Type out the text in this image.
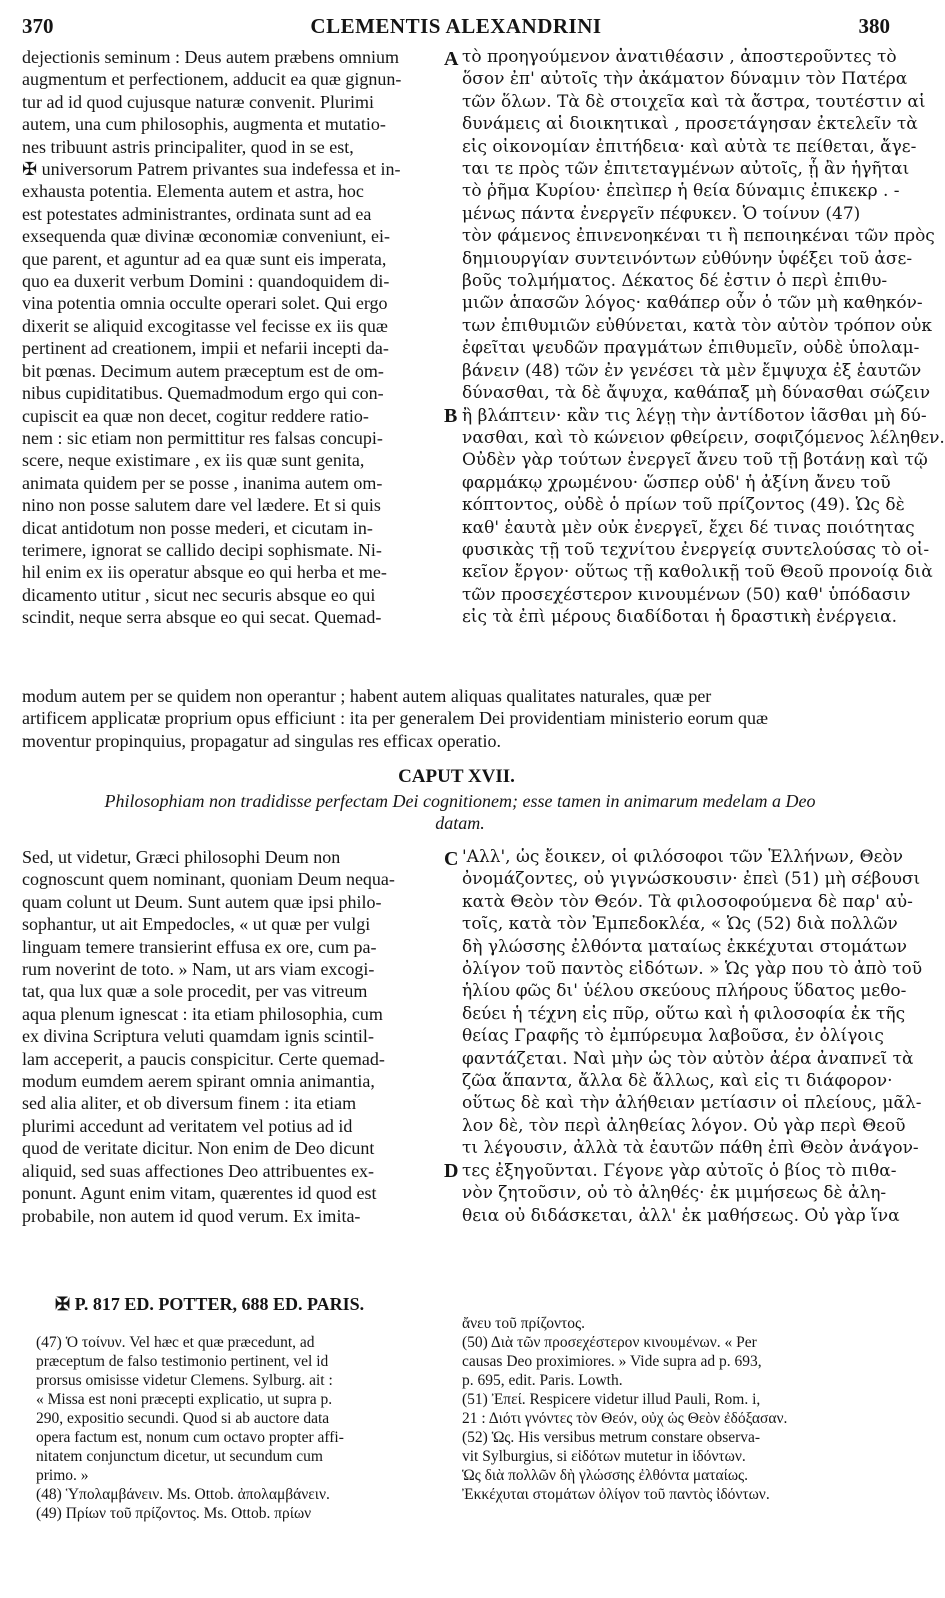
370	CLEMENTIS ALEXANDRINI	380
A
B
C
D
dejectionis seminum : Deus autem præbens omnium
augmentum et perfectionem, adducit ea quæ gignun-
tur ad id quod cujusque naturæ convenit. Plurimi
autem, una cum philosophis, augmenta et mutatio-
nes tribuunt astris principaliter, quod in se est,
✠ universorum Patrem privantes sua indefessa et in-
exhausta potentia. Elementa autem et astra, hoc
est potestates administrantes, ordinata sunt ad ea
exsequenda quæ divinæ œconomiæ conveniunt, ei-
que parent, et aguntur ad ea quæ sunt eis imperata,
quo ea duxerit verbum Domini : quandoquidem di-
vina potentia omnia occulte operari solet. Qui ergo
dixerit se aliquid excogitasse vel fecisse ex iis quæ
pertinent ad creationem, impii et nefarii incepti da-
bit pœnas. Decimum autem præceptum est de om-
nibus cupiditatibus. Quemadmodum ergo qui con-
cupiscit ea quæ non decet, cogitur reddere ratio-
nem : sic etiam non permittitur res falsas concupi-
scere, neque existimare , ex iis quæ sunt genita,
animata quidem per se posse , inanima autem om-
nino non posse salutem dare vel lædere. Et si quis
dicat antidotum non posse mederi, et cicutam in-
terimere, ignorat se callido decipi sophismate. Ni-
hil enim ex iis operatur absque eo qui herba et me-
dicamento utitur , sicut nec securis absque eo qui
scindit, neque serra absque eo qui secat. Quemad-
τὸ προηγούμενον ἀνατιθέασιν , ἀποστεροῦντες τὸ
ὅσον ἐπ' αὐτοῖς τὴν ἀκάματον δύναμιν τὸν Πατέρα
τῶν ὅλων. Τὰ δὲ στοιχεῖα καὶ τὰ ἄστρα, τουτέστιν αἱ
δυνάμεις αἱ διοικητικαὶ , προσετάγησαν ἐκτελεῖν τὰ
εἰς οἰκονομίαν ἐπιτήδεια· καὶ αὐτὰ τε πείθεται, ἄγε-
ται τε πρὸς τῶν ἐπιτεταγμένων αὐτοῖς, ᾗ ἂν ἡγῆται
τὸ ῥῆμα Κυρίου· ἐπεὶπερ ἡ θεία δύναμις ἐπικεκρ . -
μένως πάντα ἐνεργεῖν πέφυκεν. Ὁ τοίνυν (47)
τὸν φάμενος ἐπινενοηκέναι τι ἢ πεποιηκέναι τῶν πρὸς
δημιουργίαν συντεινόντων εὐθύνην ὑφέξει τοῦ ἀσε-
βοῦς τολμήματος. Δέκατος δέ ἐστιν ὁ περὶ ἐπιθυ-
μιῶν ἁπασῶν λόγος· καθάπερ οὖν ὁ τῶν μὴ καθηκόν-
των ἐπιθυμιῶν εὐθύνεται, κατὰ τὸν αὐτὸν τρόπον οὐκ
ἐφεῖται ψευδῶν πραγμάτων ἐπιθυμεῖν, οὐδὲ ὑπολαμ-
βάνειν (48) τῶν ἐν γενέσει τὰ μὲν ἔμψυχα ἐξ ἑαυτῶν
δύνασθαι, τὰ δὲ ἄψυχα, καθάπαξ μὴ δύνασθαι σώζειν
ἢ βλάπτειν· κἂν τις λέγῃ τὴν ἀντίδοτον ἰᾶσθαι μὴ δύ-
νασθαι, καὶ τὸ κώνειον φθείρειν, σοφιζόμενος λέληθεν.
Οὐδὲν γὰρ τούτων ἐνεργεῖ ἄνευ τοῦ τῇ βοτάνῃ καὶ τῷ
φαρμάκῳ χρωμένου· ὥσπερ οὐδ' ἡ ἀξίνη ἄνευ τοῦ
κόπτοντος, οὐδὲ ὁ πρίων τοῦ πρίζοντος (49). Ὡς δὲ
καθ' ἑαυτὰ μὲν οὐκ ἐνεργεῖ, ἔχει δέ τινας ποιότητας
φυσικὰς τῇ τοῦ τεχνίτου ἐνεργείᾳ συντελούσας τὸ οἰ-
κεῖον ἔργον· οὕτως τῇ καθολικῇ τοῦ Θεοῦ προνοίᾳ διὰ
τῶν προσεχέστερον κινουμένων (50) καθ' ὑπόδασιν
εἰς τὰ ἐπὶ μέρους διαδίδοται ἡ δραστικὴ ἐνέργεια.
modum autem per se quidem non operantur ; habent autem aliquas qualitates naturales, quæ per
artificem applicatæ proprium opus efficiunt : ita per generalem Dei providentiam ministerio eorum quæ
moventur propinquius, propagatur ad singulas res efficax operatio.
CAPUT XVII.
Philosophiam non tradidisse perfectam Dei cognitionem; esse tamen in animarum medelam a Deo
datam.
Sed, ut videtur, Græci philosophi Deum non
cognoscunt quem nominant, quoniam Deum nequa-
quam colunt ut Deum. Sunt autem quæ ipsi philo-
sophantur, ut ait Empedocles, « ut quæ per vulgi
linguam temere transierint effusa ex ore, cum pa-
rum noverint de toto. » Nam, ut ars viam excogi-
tat, qua lux quæ a sole procedit, per vas vitreum
aqua plenum ignescat : ita etiam philosophia, cum
ex divina Scriptura veluti quamdam ignis scintil-
lam acceperit, a paucis conspicitur. Certe quemad-
modum eumdem aerem spirant omnia animantia,
sed alia aliter, et ob diversum finem : ita etiam
plurimi accedunt ad veritatem vel potius ad id
quod de veritate dicitur. Non enim de Deo dicunt
aliquid, sed suas affectiones Deo attribuentes ex-
ponunt. Agunt enim vitam, quærentes id quod est
probabile, non autem id quod verum. Ex imita-
'Αλλ', ὡς ἔοικεν, οἱ φιλόσοφοι τῶν Ἑλλήνων, Θεὸν
ὀνομάζοντες, οὐ γιγνώσκουσιν· ἐπεὶ (51) μὴ σέβουσι
κατὰ Θεὸν τὸν Θεόν. Τὰ φιλοσοφούμενα δὲ παρ' αὐ-
τοῖς, κατὰ τὸν Ἐμπεδοκλέα, « Ὡς (52) διὰ πολλῶν
δὴ γλώσσης ἐλθόντα ματαίως ἐκκέχυται στομάτων
ὀλίγον τοῦ παντὸς εἰδότων. » Ὡς γὰρ που τὸ ἀπὸ τοῦ
ἡλίου φῶς δι' ὑέλου σκεύους πλήρους ὕδατος μεθο-
δεύει ἡ τέχνη εἰς πῦρ, οὕτω καὶ ἡ φιλοσοφία ἐκ τῆς
θείας Γραφῆς τὸ ἐμπύρευμα λαβοῦσα, ἐν ὀλίγοις
φαντάζεται. Ναὶ μὴν ὡς τὸν αὐτὸν ἀέρα ἀναπνεῖ τὰ
ζῶα ἅπαντα, ἄλλα δὲ ἄλλως, καὶ εἰς τι διάφορον·
οὕτως δὲ καὶ τὴν ἀλήθειαν μετίασιν οἱ πλείους, μᾶλ-
λον δὲ, τὸν περὶ ἀληθείας λόγον. Οὐ γὰρ περὶ Θεοῦ
τι λέγουσιν, ἀλλὰ τὰ ἑαυτῶν πάθη ἐπὶ Θεὸν ἀνάγον-
τες ἐξηγοῦνται. Γέγονε γὰρ αὐτοῖς ὁ βίος τὸ πιθα-
νὸν ζητοῦσιν, οὐ τὸ ἀληθές· ἐκ μιμήσεως δὲ ἀλη-
θεια οὐ διδάσκεται, ἀλλ' ἐκ μαθήσεως. Οὐ γὰρ ἵνα
✠ P. 817 ED. POTTER, 688 ED. PARIS.
(47) Ὁ τοίνυν. Vel hæc et quæ præcedunt, ad
præceptum de falso testimonio pertinent, vel id
prorsus omisisse videtur Clemens. Sylburg. ait :
« Missa est noni præcepti explicatio, ut supra p.
290, expositio secundi. Quod si ab auctore data
opera factum est, nonum cum octavo propter affi-
nitatem conjunctum dicetur, ut secundum cum
primo. »
(48) Ὑπολαμβάνειν. Ms. Ottob. ἀπολαμβάνειν.
(49) Πρίων τοῦ πρίζοντος. Ms. Ottob. πρίων
ἄνευ τοῦ πρίζοντος.
(50) Διὰ τῶν προσεχέστερον κινουμένων. « Per
causas Deo proximiores. » Vide supra ad p. 693,
p. 695, edit. Paris. Lowth.
(51) Ἐπεί. Respicere videtur illud Pauli, Rom. i,
21 : Διότι γνόντες τὸν Θεόν, οὐχ ὡς Θεὸν ἐδόξασαν.
(52) Ὡς. His versibus metrum constare observa-
vit Sylburgius, si εἰδότων mutetur in ἰδόντων.
Ὡς διὰ πολλῶν δὴ γλώσσης ἐλθόντα ματαίως.
Ἐκκέχυται στομάτων ὀλίγον τοῦ παντὸς ἰδόντων.
